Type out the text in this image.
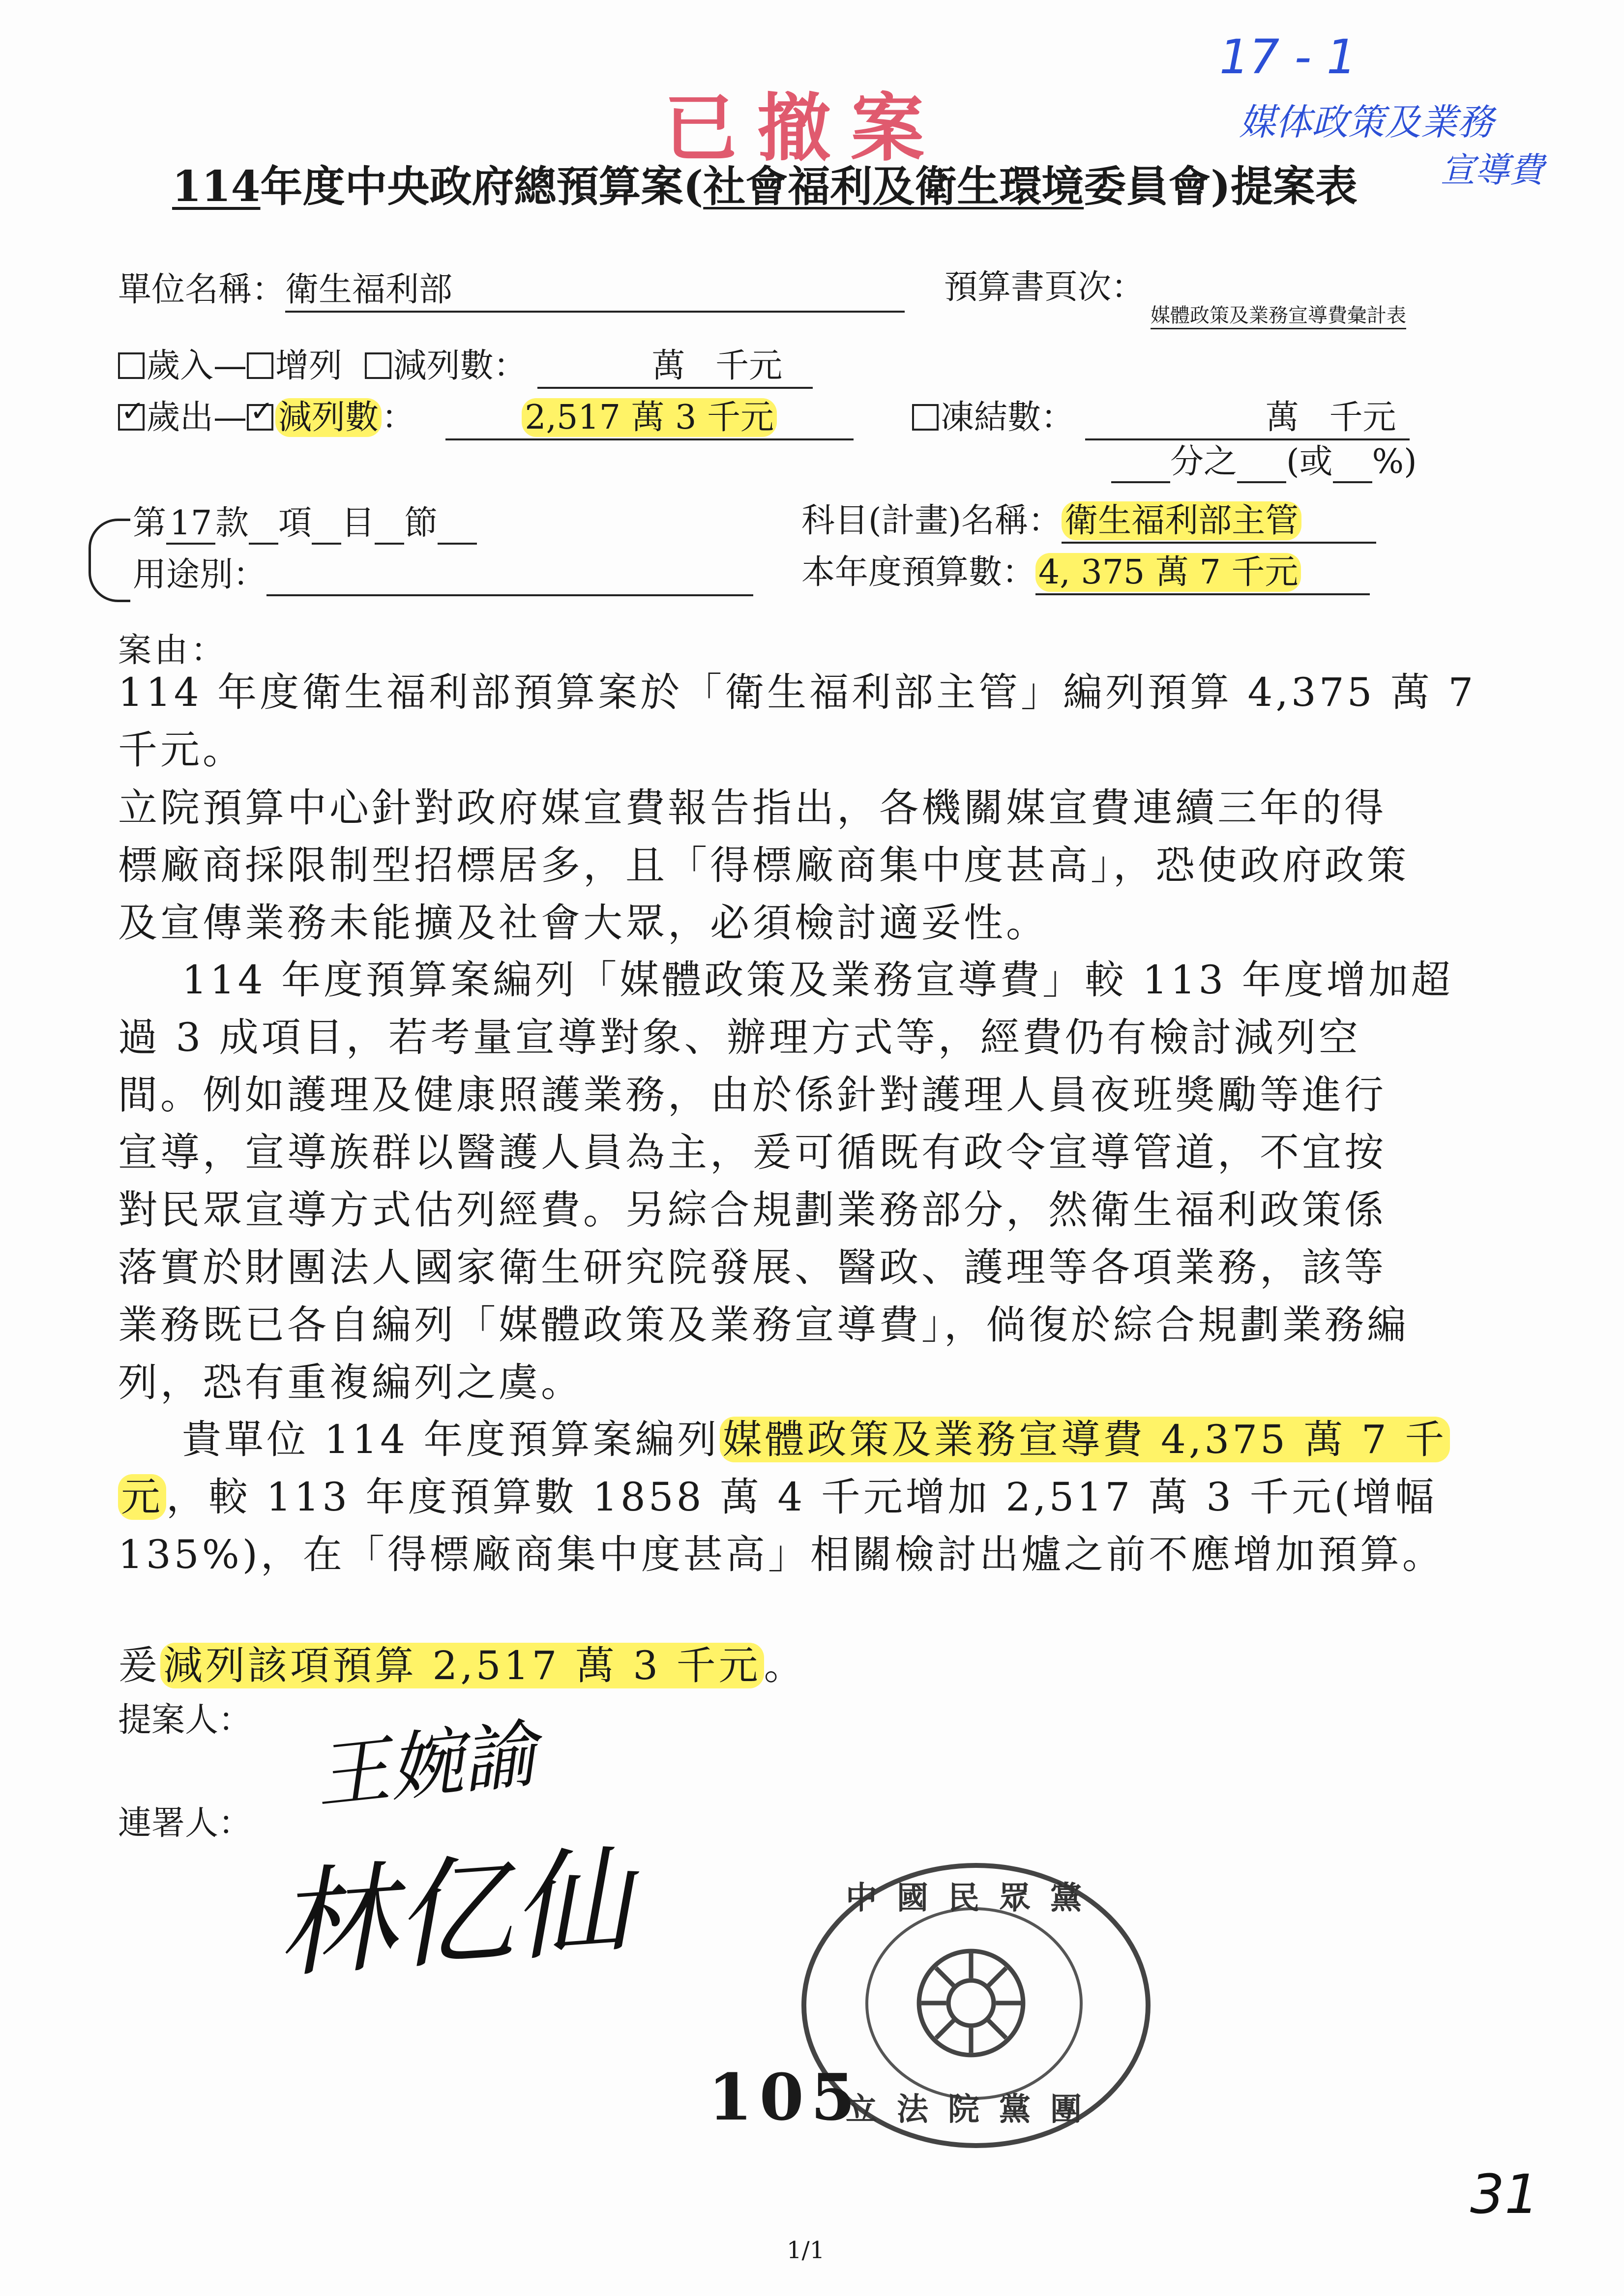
已撤案
17 - 1
媒体政策及業務
宣導費
114年度中央政府總預算案(社會福利及衛生環境委員會)提案表
單位名稱：衛生福利部	預算書頁次：
媒體政策及業務宣導費彙計表
歲入— 增列 減列數：	萬 千元
✓歲出—✓ 減列數：	2,517 萬 3 千元	凍結數：	萬 千元
分之 (或 %)
第17款 項 目 節	科目(計畫)名稱：衛生福利部主管
用途別：	本年度預算數：4, 375 萬 7 千元
案由：
114 年度衛生福利部預算案於「衛生福利部主管」編列預算 4,375 萬 7
千元。
立院預算中心針對政府媒宣費報告指出，各機關媒宣費連續三年的得
標廠商採限制型招標居多，且「得標廠商集中度甚高」，恐使政府政策
及宣傳業務未能擴及社會大眾，必須檢討適妥性。
114 年度預算案編列「媒體政策及業務宣導費」較 113 年度增加超
過 3 成項目，若考量宣導對象、辦理方式等，經費仍有檢討減列空
間。例如護理及健康照護業務，由於係針對護理人員夜班獎勵等進行
宣導，宣導族群以醫護人員為主，爰可循既有政令宣導管道，不宜按
對民眾宣導方式估列經費。另綜合規劃業務部分，然衛生福利政策係
落實於財團法人國家衛生研究院發展、醫政、護理等各項業務，該等
業務既已各自編列「媒體政策及業務宣導費」，倘復於綜合規劃業務編
列，恐有重複編列之虞。
貴單位 114 年度預算案編列媒體政策及業務宣導費 4,375 萬 7 千
元，較 113 年度預算數 1858 萬 4 千元增加 2,517 萬 3 千元(增幅
135%)，在「得標廠商集中度甚高」相關檢討出爐之前不應增加預算。
爰減列該項預算 2,517 萬 3 千元。
提案人： 王婉諭
連署人：
林亿仙	中國民眾黨
立法院黨團
105
31
1/1
